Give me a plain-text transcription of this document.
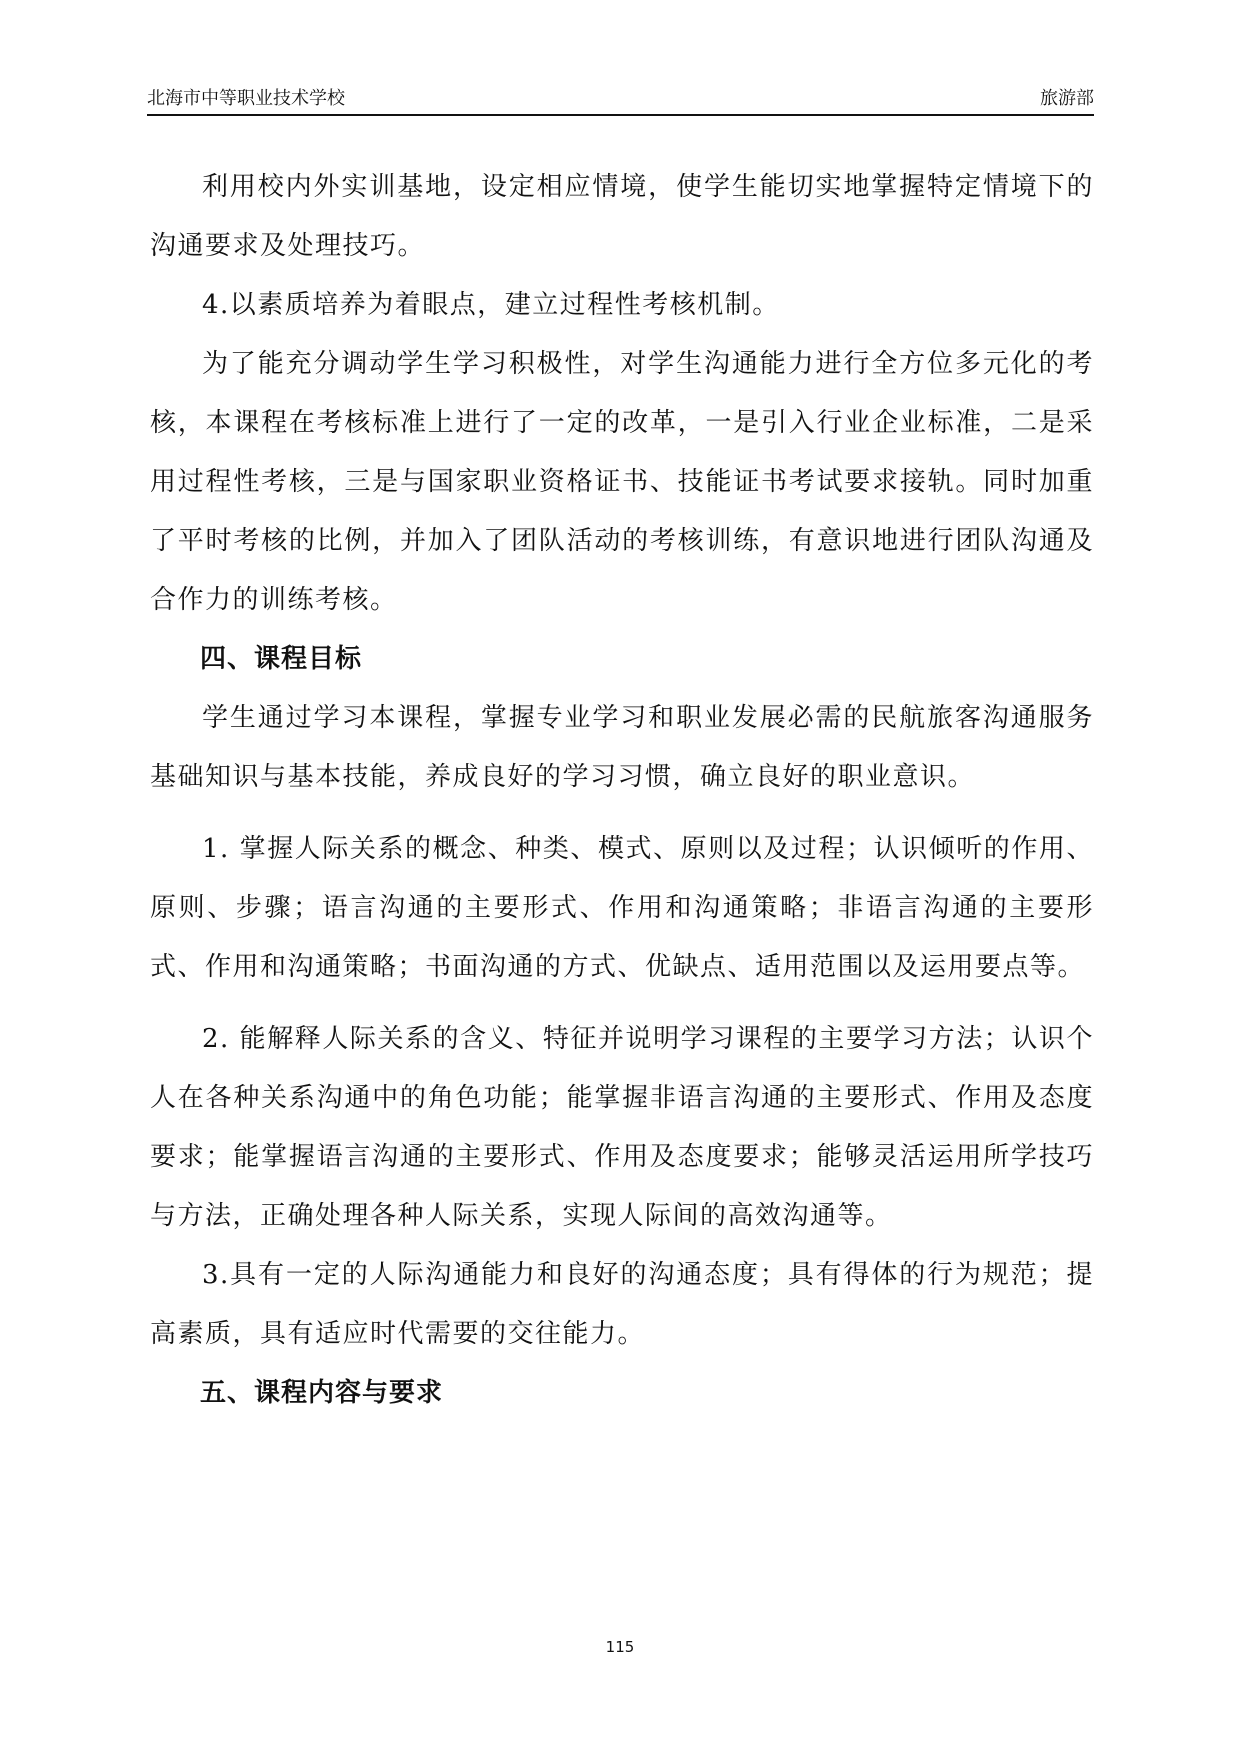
北海市中等职业技术学校	旅游部

利用校内外实训基地，设定相应情境，使学生能切实地掌握特定情境下的沟通要求及处理技巧。

4.以素质培养为着眼点，建立过程性考核机制。

为了能充分调动学生学习积极性，对学生沟通能力进行全方位多元化的考核，本课程在考核标准上进行了一定的改革，一是引入行业企业标准，二是采用过程性考核，三是与国家职业资格证书、技能证书考试要求接轨。同时加重了平时考核的比例，并加入了团队活动的考核训练，有意识地进行团队沟通及合作力的训练考核。

四、课程目标

学生通过学习本课程，掌握专业学习和职业发展必需的民航旅客沟通服务基础知识与基本技能，养成良好的学习习惯，确立良好的职业意识。

1. 掌握人际关系的概念、种类、模式、原则以及过程；认识倾听的作用、原则、步骤；语言沟通的主要形式、作用和沟通策略；非语言沟通的主要形式、作用和沟通策略；书面沟通的方式、优缺点、适用范围以及运用要点等。

2. 能解释人际关系的含义、特征并说明学习课程的主要学习方法；认识个人在各种关系沟通中的角色功能；能掌握非语言沟通的主要形式、作用及态度要求；能掌握语言沟通的主要形式、作用及态度要求；能够灵活运用所学技巧与方法，正确处理各种人际关系，实现人际间的高效沟通等。

3.具有一定的人际沟通能力和良好的沟通态度；具有得体的行为规范；提高素质，具有适应时代需要的交往能力。

五、课程内容与要求

115
